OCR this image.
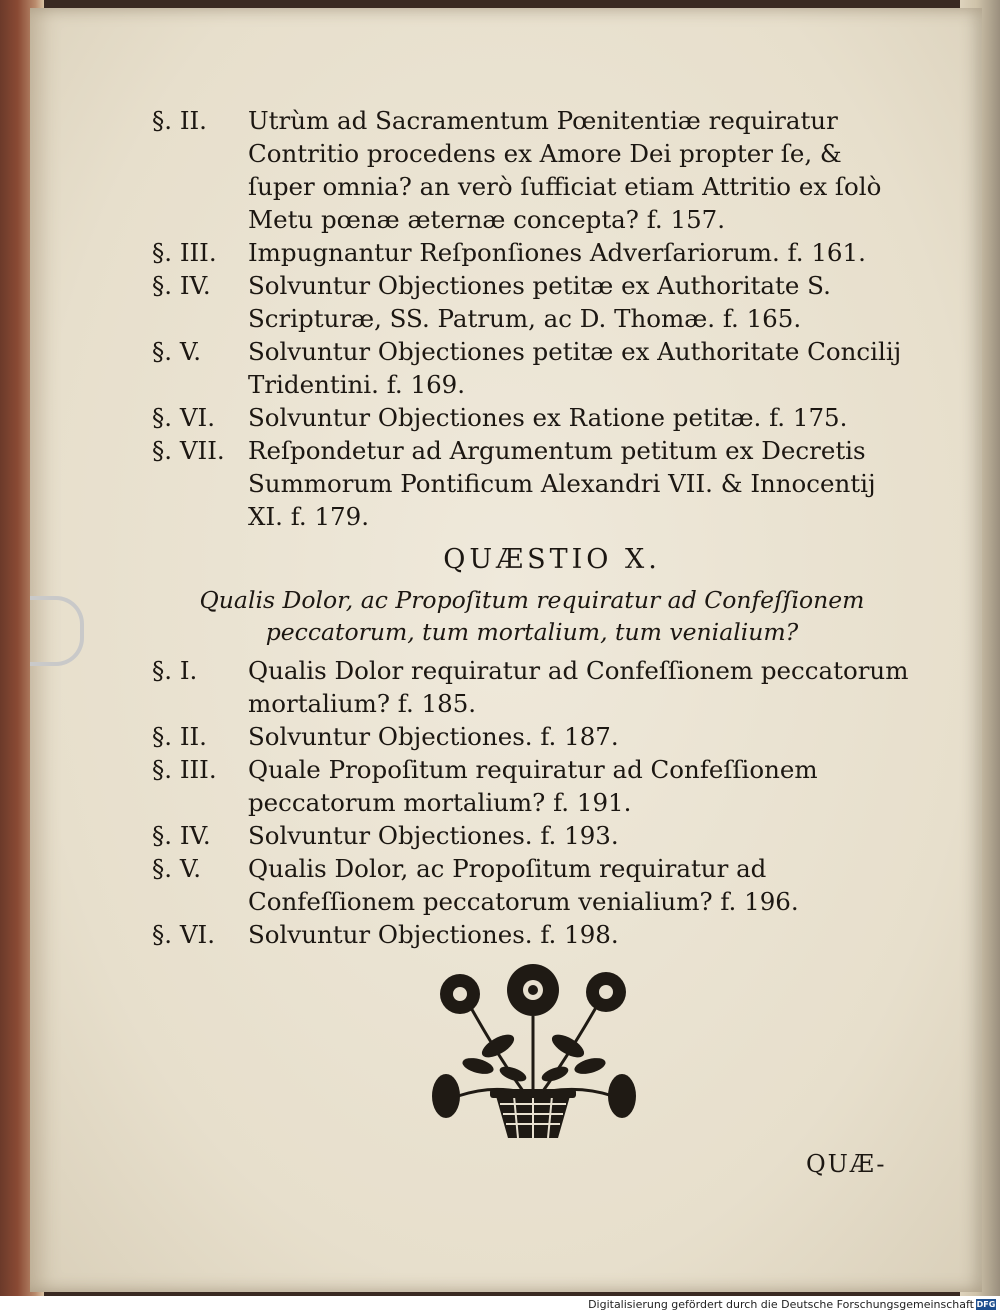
§. II. Utrùm ad Sacramentum Pœnitentiæ requiratur Contritio procedens ex Amore Dei propter ſe, & ſuper omnia? an verò ſufficiat etiam Attritio ex ſolò Metu pœnæ æternæ concepta? f. 157.
§. III. Impugnantur Reſponſiones Adverſariorum. f. 161.
§. IV. Solvuntur Objectiones petitæ ex Authoritate S. Scripturæ, SS. Patrum, ac D. Thomæ. f. 165.
§. V. Solvuntur Objectiones petitæ ex Authoritate Concilij Tridentini. f. 169.
§. VI. Solvuntur Objectiones ex Ratione petitæ. f. 175.
§. VII. Reſpondetur ad Argumentum petitum ex Decretis Summorum Pontificum Alexandri VII. & Innocentij XI. f. 179.
QUÆSTIO X.
Qualis Dolor, ac Propoſitum requiratur ad Confeſſionem peccatorum, tum mortalium, tum venialium?
§. I. Qualis Dolor requiratur ad Confeſſionem peccatorum mortalium? f. 185.
§. II. Solvuntur Objectiones. f. 187.
§. III. Quale Propoſitum requiratur ad Confeſſionem peccatorum mortalium? f. 191.
§. IV. Solvuntur Objectiones. f. 193.
§. V. Qualis Dolor, ac Propoſitum requiratur ad Confeſſionem peccatorum venialium? f. 196.
§. VI. Solvuntur Objectiones. f. 198.
QUÆ-
Digitalisierung gefördert durch die Deutsche Forschungsgemeinschaft DFG
